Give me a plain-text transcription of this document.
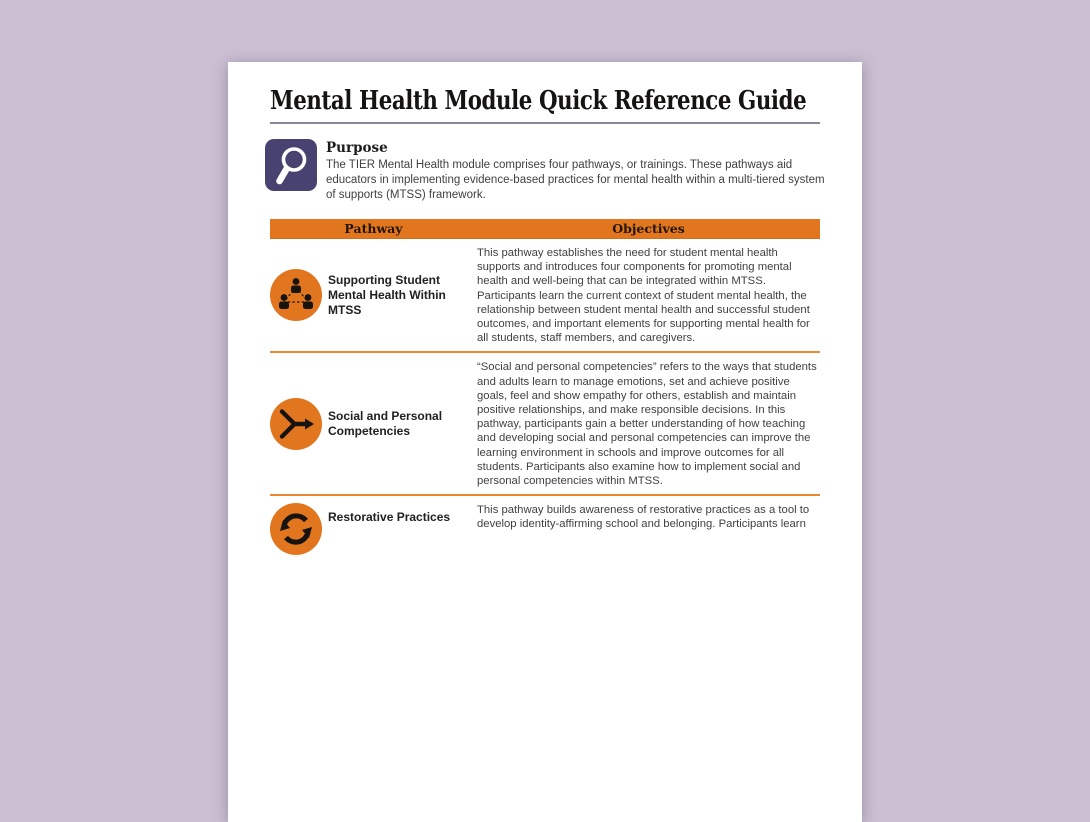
Mental Health Module Quick Reference Guide
Purpose
The TIER Mental Health module comprises four pathways, or trainings. These pathways aid educators in implementing evidence-based practices for mental health within a multi-tiered system of supports (MTSS) framework.
Pathway	Objectives
Supporting Student Mental Health Within MTSS
This pathway establishes the need for student mental health supports and introduces four components for promoting mental health and well-being that can be integrated within MTSS. Participants learn the current context of student mental health, the relationship between student mental health and successful student outcomes, and important elements for supporting mental health for all students, staff members, and caregivers.
Social and Personal Competencies
“Social and personal competencies” refers to the ways that students and adults learn to manage emotions, set and achieve positive goals, feel and show empathy for others, establish and maintain positive relationships, and make responsible decisions. In this pathway, participants gain a better understanding of how teaching and developing social and personal competencies can improve the learning environment in schools and improve outcomes for all students. Participants also examine how to implement social and personal competencies within MTSS.
Restorative Practices	This pathway builds awareness of restorative practices as a tool to develop identity-affirming school and belonging. Participants learn
